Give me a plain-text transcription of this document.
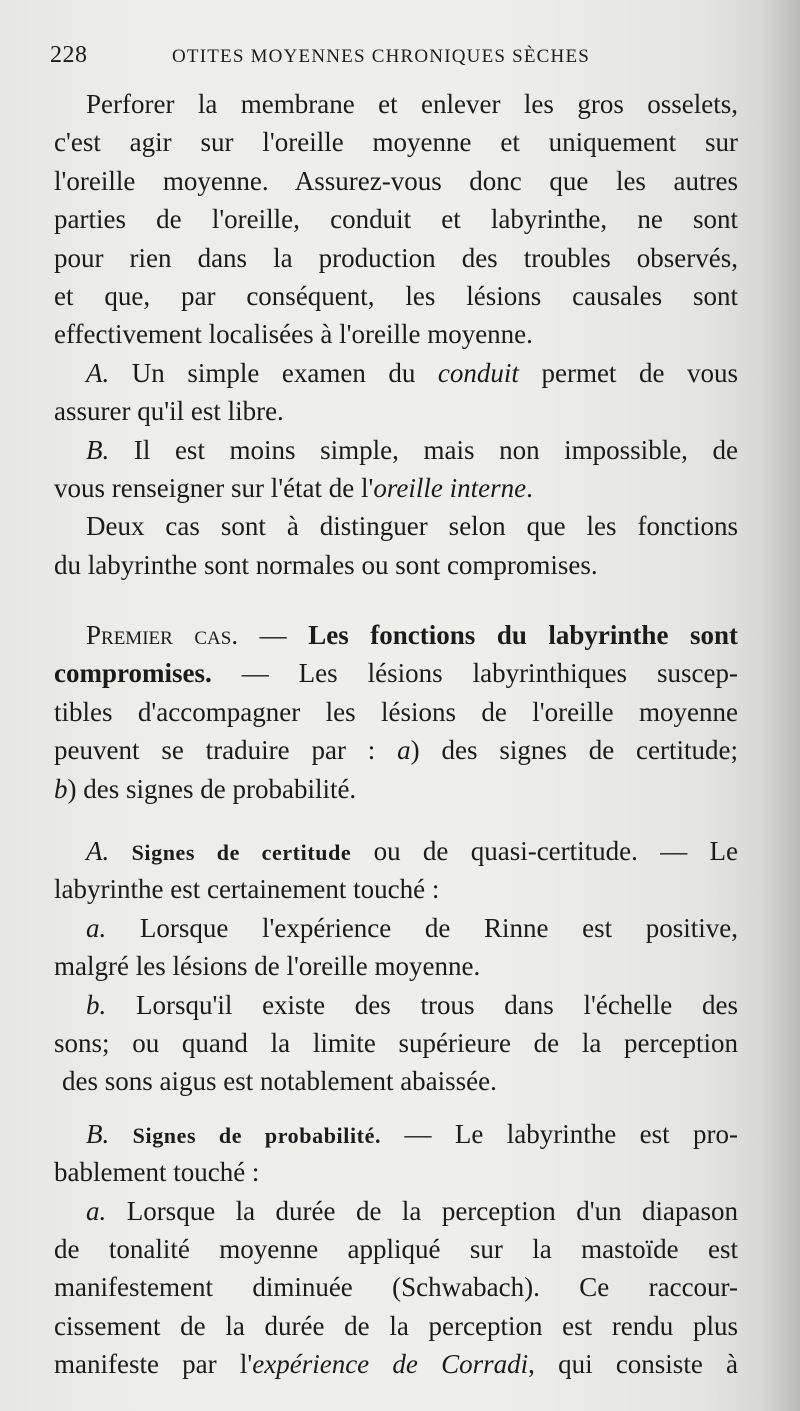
228	OTITES MOYENNES CHRONIQUES SÈCHES
Perforer la membrane et enlever les gros osselets,
c'est agir sur l'oreille moyenne et uniquement sur
l'oreille moyenne. Assurez-vous donc que les autres
parties de l'oreille, conduit et labyrinthe, ne sont
pour rien dans la production des troubles observés,
et que, par conséquent, les lésions causales sont
effectivement localisées à l'oreille moyenne.
A. Un simple examen du conduit permet de vous
assurer qu'il est libre.
B. Il est moins simple, mais non impossible, de
vous renseigner sur l'état de l'oreille interne.
Deux cas sont à distinguer selon que les fonctions
du labyrinthe sont normales ou sont compromises.
Premier cas. — Les fonctions du labyrinthe sont
compromises. — Les lésions labyrinthiques suscep-
tibles d'accompagner les lésions de l'oreille moyenne
peuvent se traduire par : a) des signes de certitude;
b) des signes de probabilité.
A. Signes de certitude ou de quasi-certitude. — Le
labyrinthe est certainement touché :
a. Lorsque l'expérience de Rinne est positive,
malgré les lésions de l'oreille moyenne.
b. Lorsqu'il existe des trous dans l'échelle des
sons; ou quand la limite supérieure de la perception
des sons aigus est notablement abaissée.
B. Signes de probabilité. — Le labyrinthe est pro-
bablement touché :
a. Lorsque la durée de la perception d'un diapason
de tonalité moyenne appliqué sur la mastoïde est
manifestement diminuée (Schwabach). Ce raccour-
cissement de la durée de la perception est rendu plus
manifeste par l'expérience de Corradi, qui consiste à
